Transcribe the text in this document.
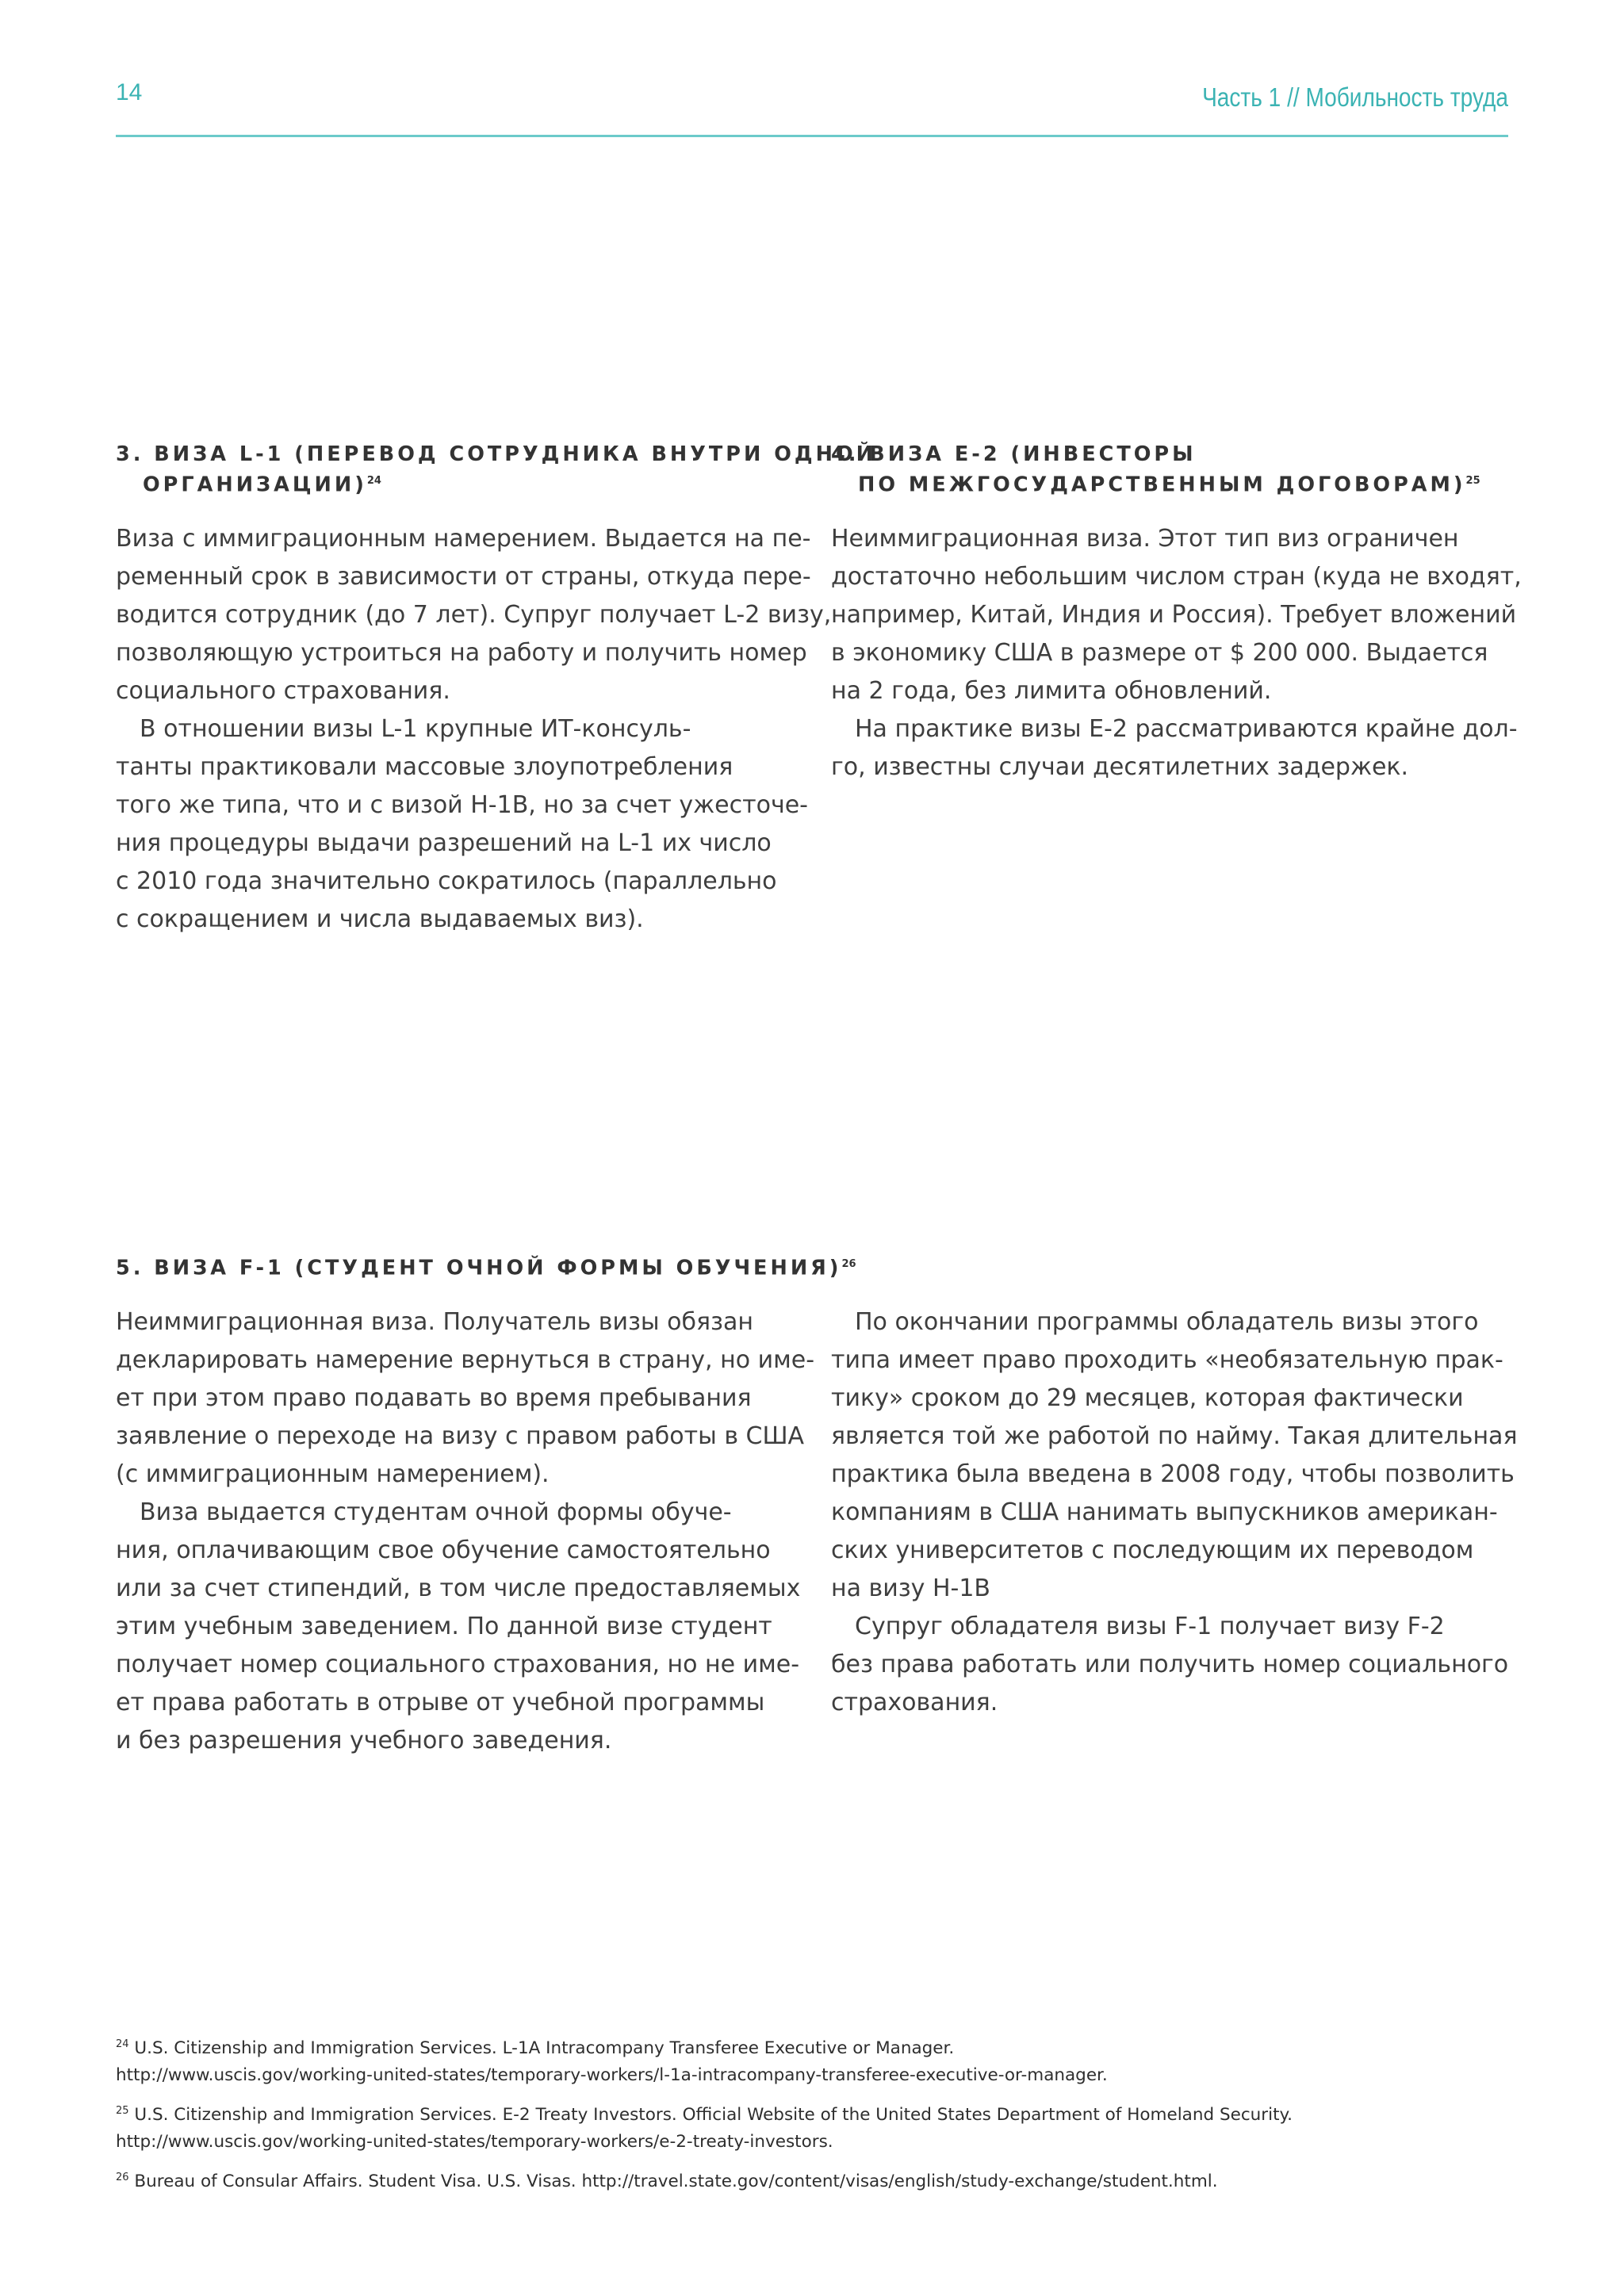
14	Часть 1 // Мобильность труда
3. ВИЗА L-1 (ПЕРЕВОД СОТРУДНИКА ВНУТРИ ОДНОЙ
ОРГАНИЗАЦИИ)$^{24}$
Виза с иммиграционным намерением. Выдается на пе-
ременный срок в зависимости от страны, откуда пере-
водится сотрудник (до 7 лет). Супруг получает L-2 визу,
позволяющую устроиться на работу и получить номер
социального страхования.
В отношении визы L-1 крупные ИТ-консуль-
танты практиковали массовые злоупотребления
того же типа, что и с визой H-1B, но за счет ужесточе-
ния процедуры выдачи разрешений на L-1 их число
с 2010 года значительно сократилось (параллельно
с сокращением и числа выдаваемых виз).
4. ВИЗА E-2 (ИНВЕСТОРЫ
ПО МЕЖГОСУДАРСТВЕННЫМ ДОГОВОРАМ)$^{25}$
Неиммиграционная виза. Этот тип виз ограничен
достаточно небольшим числом стран (куда не входят,
например, Китай, Индия и Россия). Требует вложений
в экономику США в размере от $ 200 000. Выдается
на 2 года, без лимита обновлений.
На практике визы Е-2 рассматриваются крайне дол-
го, известны случаи десятилетних задержек.
5. ВИЗА F-1 (СТУДЕНТ ОЧНОЙ ФОРМЫ ОБУЧЕНИЯ)$^{26}$
Неиммиграционная виза. Получатель визы обязан
декларировать намерение вернуться в страну, но име-
ет при этом право подавать во время пребывания
заявление о переходе на визу с правом работы в США
(с иммиграционным намерением).
Виза выдается студентам очной формы обуче-
ния, оплачивающим свое обучение самостоятельно
или за счет стипендий, в том числе предоставляемых
этим учебным заведением. По данной визе студент
получает номер социального страхования, но не име-
ет права работать в отрыве от учебной программы
и без разрешения учебного заведения.
По окончании программы обладатель визы этого
типа имеет право проходить «необязательную прак-
тику» сроком до 29 месяцев, которая фактически
является той же работой по найму. Такая длительная
практика была введена в 2008 году, чтобы позволить
компаниям в США нанимать выпускников американ-
ских университетов с последующим их переводом
на визу H-1B
Супруг обладателя визы F-1 получает визу F-2
без права работать или получить номер социального
страхования.
$^{24}$ U.S. Citizenship and Immigration Services. L-1A Intracompany Transferee Executive or Manager.
http://www.uscis.gov/working-united-states/temporary-workers/l-1a-intracompany-transferee-executive-or-manager.
$^{25}$ U.S. Citizenship and Immigration Services. E-2 Treaty Investors. Official Website of the United States Department of Homeland Security.
http://www.uscis.gov/working-united-states/temporary-workers/e-2-treaty-investors.
$^{26}$ Bureau of Consular Affairs. Student Visa. U.S. Visas. http://travel.state.gov/content/visas/english/study-exchange/student.html.
